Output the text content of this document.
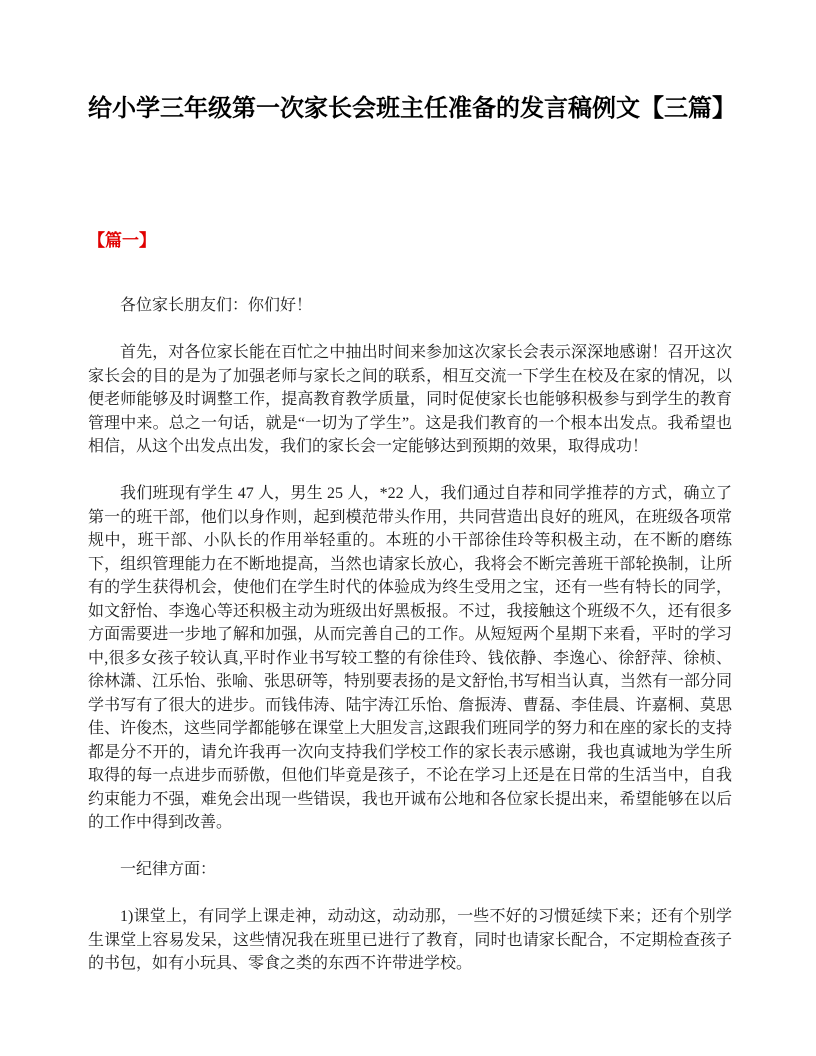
给小学三年级第一次家长会班主任准备的发言稿例文【三篇】
【篇一】

各位家长朋友们：你们好！

首先，对各位家长能在百忙之中抽出时间来参加这次家长会表示深深地感谢！召开这次家长会的目的是为了加强老师与家长之间的联系，相互交流一下学生在校及在家的情况，以便老师能够及时调整工作，提高教育教学质量，同时促使家长也能够积极参与到学生的教育管理中来。总之一句话，就是“一切为了学生”。这是我们教育的一个根本出发点。我希望也相信，从这个出发点出发，我们的家长会一定能够达到预期的效果，取得成功！

我们班现有学生 47 人，男生 25 人，*22 人，我们通过自荐和同学推荐的方式，确立了第一的班干部，他们以身作则，起到模范带头作用，共同营造出良好的班风，在班级各项常规中，班干部、小队长的作用举轻重的。本班的小干部徐佳玲等积极主动，在不断的磨练下，组织管理能力在不断地提高，当然也请家长放心，我将会不断完善班干部轮换制，让所有的学生获得机会，使他们在学生时代的体验成为终生受用之宝，还有一些有特长的同学，如文舒怡、李逸心等还积极主动为班级出好黑板报。不过，我接触这个班级不久，还有很多方面需要进一步地了解和加强，从而完善自己的工作。从短短两个星期下来看，平时的学习中,很多女孩子较认真,平时作业书写较工整的有徐佳玲、钱依静、李逸心、徐舒萍、徐桢、徐林潇、江乐怡、张喻、张思研等，特别要表扬的是文舒怡,书写相当认真，当然有一部分同学书写有了很大的进步。而钱伟涛、陆宇涛江乐怡、詹振涛、曹磊、李佳晨、许嘉桐、莫思佳、许俊杰，这些同学都能够在课堂上大胆发言,这跟我们班同学的努力和在座的家长的支持都是分不开的，请允许我再一次向支持我们学校工作的家长表示感谢，我也真诚地为学生所取得的每一点进步而骄傲，但他们毕竟是孩子，不论在学习上还是在日常的生活当中，自我约束能力不强，难免会出现一些错误，我也开诚布公地和各位家长提出来，希望能够在以后的工作中得到改善。

一纪律方面：

1)课堂上，有同学上课走神，动动这，动动那，一些不好的习惯延续下来；还有个别学生课堂上容易发呆，这些情况我在班里已进行了教育，同时也请家长配合，不定期检查孩子的书包，如有小玩具、零食之类的东西不许带进学校。
